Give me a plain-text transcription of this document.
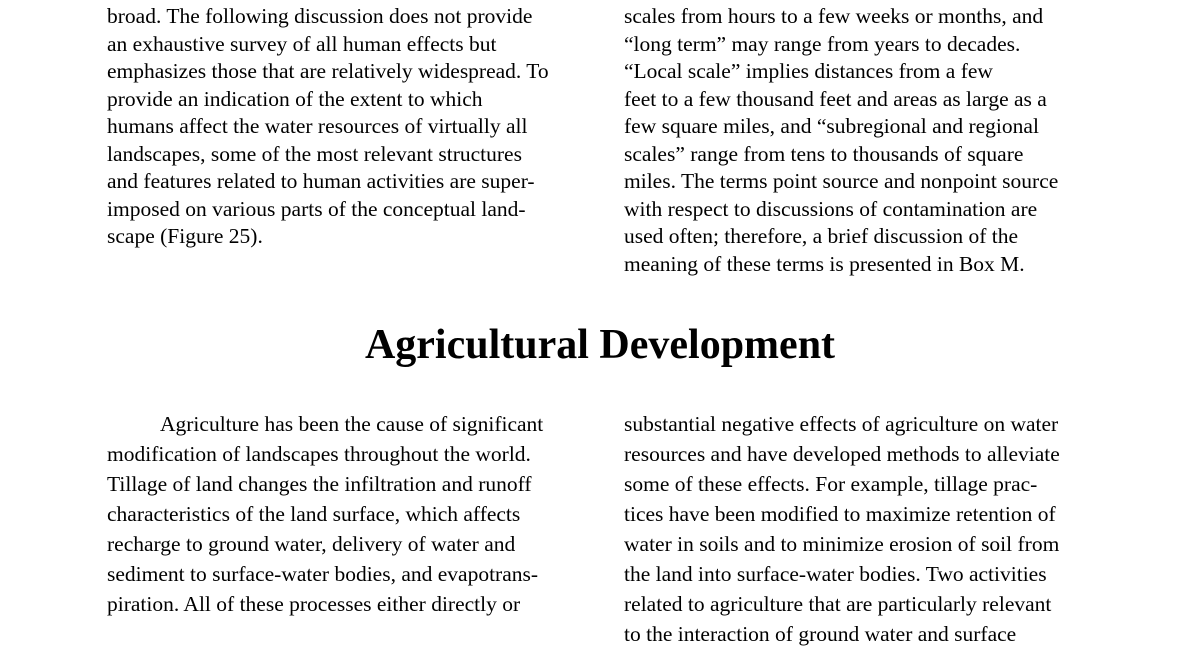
broad. The following discussion does not provide
an exhaustive survey of all human effects but
emphasizes those that are relatively widespread. To
provide an indication of the extent to which
humans affect the water resources of virtually all
landscapes, some of the most relevant structures
and features related to human activities are super-
imposed on various parts of the conceptual land-
scape (Figure 25).
scales from hours to a few weeks or months, and
“long term” may range from years to decades.
“Local scale” implies distances from a few
feet to a few thousand feet and areas as large as a
few square miles, and “subregional and regional
scales” range from tens to thousands of square
miles. The terms point source and nonpoint source
with respect to discussions of contamination are
used often; therefore, a brief discussion of the
meaning of these terms is presented in Box M.
Agricultural Development
Agriculture has been the cause of significant
modification of landscapes throughout the world.
Tillage of land changes the infiltration and runoff
characteristics of the land surface, which affects
recharge to ground water, delivery of water and
sediment to surface-water bodies, and evapotrans-
piration. All of these processes either directly or
substantial negative effects of agriculture on water
resources and have developed methods to alleviate
some of these effects. For example, tillage prac-
tices have been modified to maximize retention of
water in soils and to minimize erosion of soil from
the land into surface-water bodies. Two activities
related to agriculture that are particularly relevant
to the interaction of ground water and surface
